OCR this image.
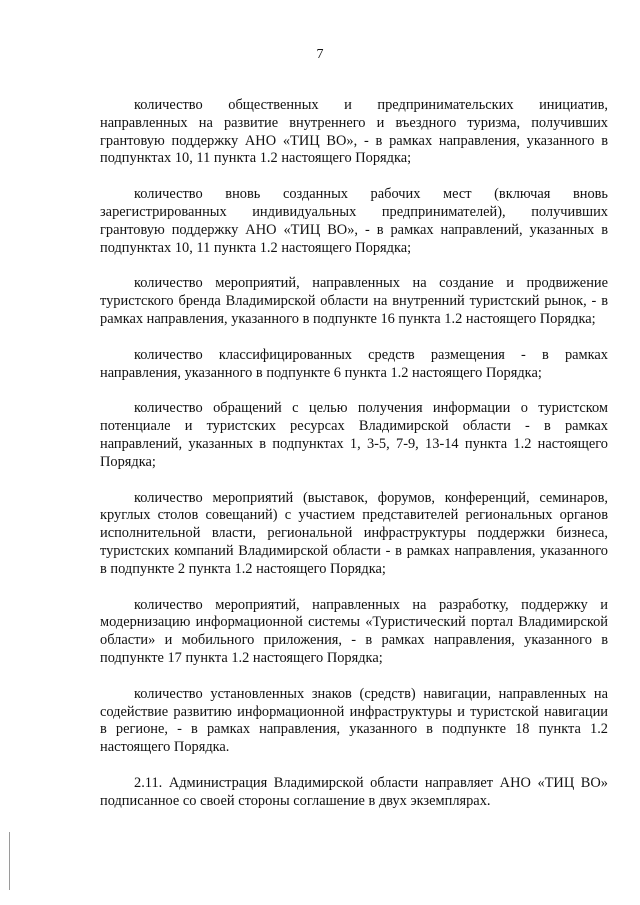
7

количество общественных и предпринимательских инициатив, направленных на развитие внутреннего и въездного туризма, получивших грантовую поддержку АНО «ТИЦ ВО», - в рамках направления, указанного в подпунктах 10, 11 пункта 1.2 настоящего Порядка;

количество вновь созданных рабочих мест (включая вновь зарегистрированных индивидуальных предпринимателей), получивших грантовую поддержку АНО «ТИЦ ВО», - в рамках направлений, указанных в подпунктах 10, 11 пункта 1.2 настоящего Порядка;

количество мероприятий, направленных на создание и продвижение туристского бренда Владимирской области на внутренний туристский рынок, - в рамках направления, указанного в подпункте 16 пункта 1.2 настоящего Порядка;

количество классифицированных средств размещения - в рамках направления, указанного в подпункте 6 пункта 1.2 настоящего Порядка;

количество обращений с целью получения информации о туристском потенциале и туристских ресурсах Владимирской области - в рамках направлений, указанных в подпунктах 1, 3-5, 7-9, 13-14 пункта 1.2 настоящего Порядка;

количество мероприятий (выставок, форумов, конференций, семинаров, круглых столов совещаний) с участием представителей региональных органов исполнительной власти, региональной инфраструктуры поддержки бизнеса, туристских компаний Владимирской области - в рамках направления, указанного в подпункте 2 пункта 1.2 настоящего Порядка;

количество мероприятий, направленных на разработку, поддержку и модернизацию информационной системы «Туристический портал Владимирской области» и мобильного приложения, - в рамках направления, указанного в подпункте 17 пункта 1.2 настоящего Порядка;

количество установленных знаков (средств) навигации, направленных на содействие развитию информационной инфраструктуры и туристской навигации в регионе, - в рамках направления, указанного в подпункте 18 пункта 1.2 настоящего Порядка.

2.11. Администрация Владимирской области направляет АНО «ТИЦ ВО» подписанное со своей стороны соглашение в двух экземплярах.
